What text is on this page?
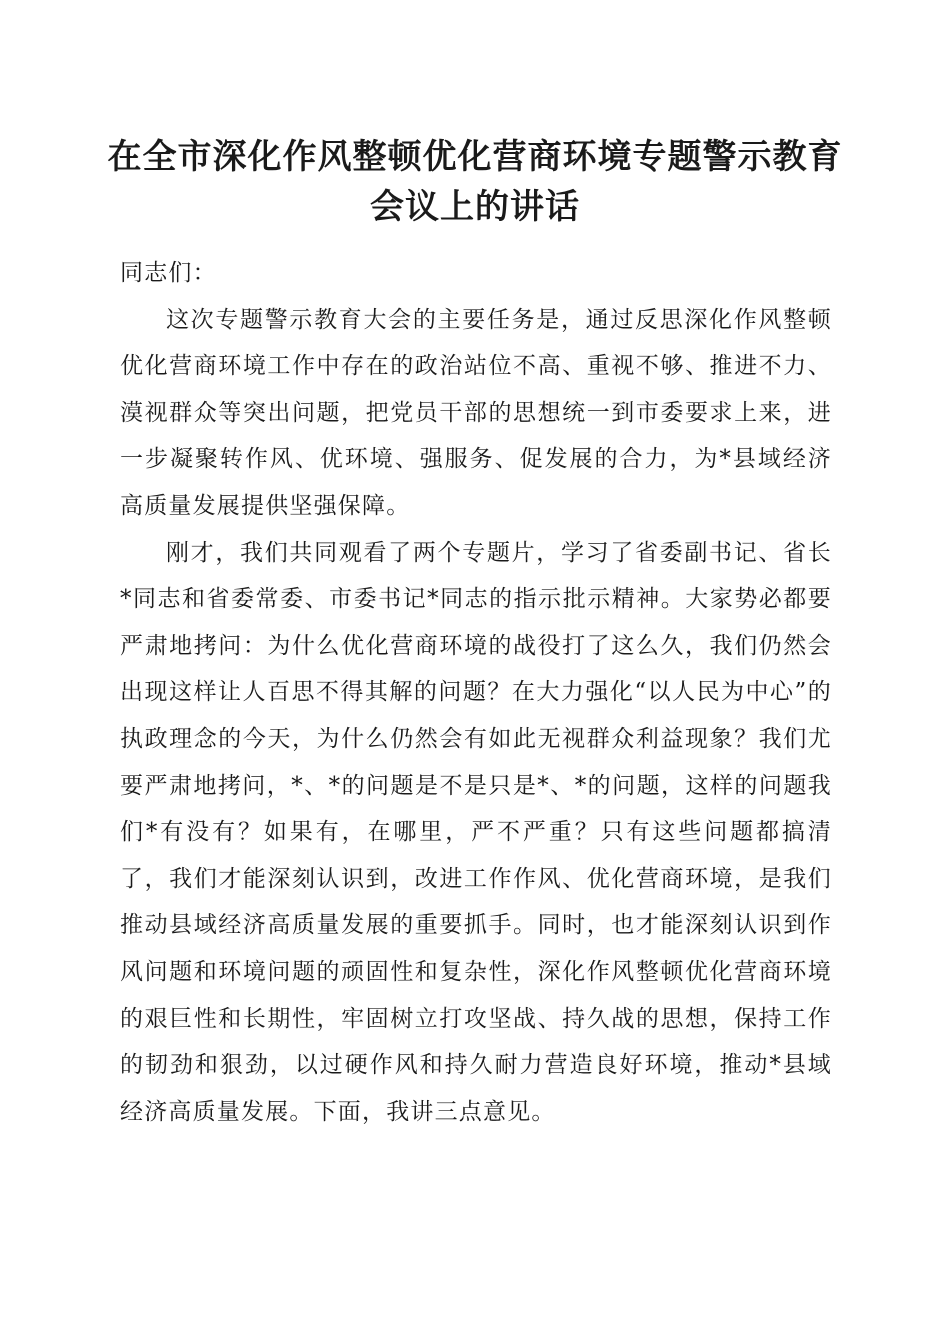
在全市深化作风整顿优化营商环境专题警示教育会议上的讲话

同志们：

这次专题警示教育大会的主要任务是，通过反思深化作风整顿优化营商环境工作中存在的政治站位不高、重视不够、推进不力、漠视群众等突出问题，把党员干部的思想统一到市委要求上来，进一步凝聚转作风、优环境、强服务、促发展的合力，为*县域经济高质量发展提供坚强保障。

刚才，我们共同观看了两个专题片，学习了省委副书记、省长*同志和省委常委、市委书记*同志的指示批示精神。大家势必都要严肃地拷问：为什么优化营商环境的战役打了这么久，我们仍然会出现这样让人百思不得其解的问题？在大力强化“以人民为中心”的执政理念的今天，为什么仍然会有如此无视群众利益现象？我们尤要严肃地拷问，*、*的问题是不是只是*、*的问题，这样的问题我们*有没有？如果有，在哪里，严不严重？只有这些问题都搞清了，我们才能深刻认识到，改进工作作风、优化营商环境，是我们推动县域经济高质量发展的重要抓手。同时，也才能深刻认识到作风问题和环境问题的顽固性和复杂性，深化作风整顿优化营商环境的艰巨性和长期性，牢固树立打攻坚战、持久战的思想，保持工作的韧劲和狠劲，以过硬作风和持久耐力营造良好环境，推动*县域经济高质量发展。下面，我讲三点意见。
